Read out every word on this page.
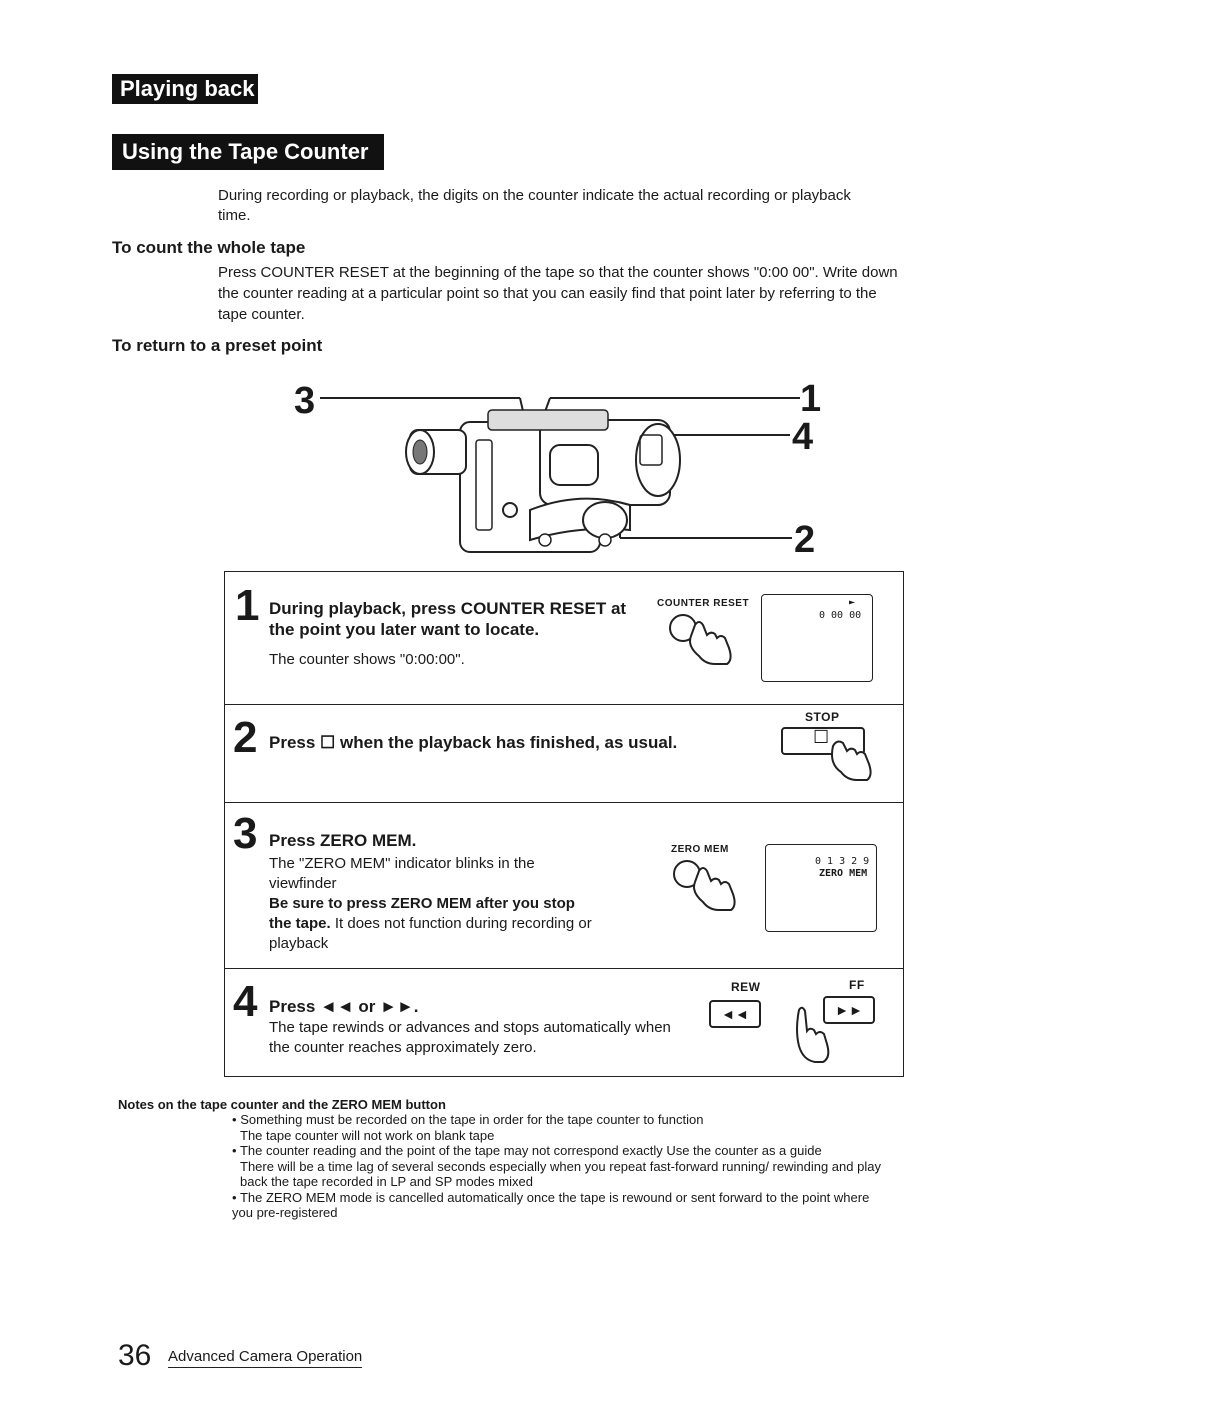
Playing back
Using the Tape Counter
During recording or playback, the digits on the counter indicate the actual recording or playback time.
To count the whole tape
Press COUNTER RESET at the beginning of the tape so that the counter shows "0:00 00". Write down the counter reading at a particular point so that you can easily find that point later by referring to the tape counter.
To return to a preset point
3	1
4
2
1 During playback, press COUNTER RESET at the point you later want to locate.
The counter shows "0:00:00".
COUNTER RESET	►
0 00 00
2 Press ☐ when the playback has finished, as usual.
STOP
☐
3 Press ZERO MEM.
The "ZERO MEM" indicator blinks in the viewfinder
Be sure to press ZERO MEM after you stop the tape. It does not function during recording or playback
ZERO MEM
0 1 3 2 9
ZERO MEM
4 Press ◄◄ or ►►.
The tape rewinds or advances and stops automatically when the counter reaches approximately zero.
REW	FF
◄◄	►►
Notes on the tape counter and the ZERO MEM button

• Something must be recorded on the tape in order for the tape counter to function

The tape counter will not work on blank tape

• The counter reading and the point of the tape may not correspond exactly Use the counter as a guide

There will be a time lag of several seconds especially when you repeat fast-forward running/ rewinding and play back the tape recorded in LP and SP modes mixed

• The ZERO MEM mode is cancelled automatically once the tape is rewound or sent forward to the point where you pre-registered

36 Advanced Camera Operation
